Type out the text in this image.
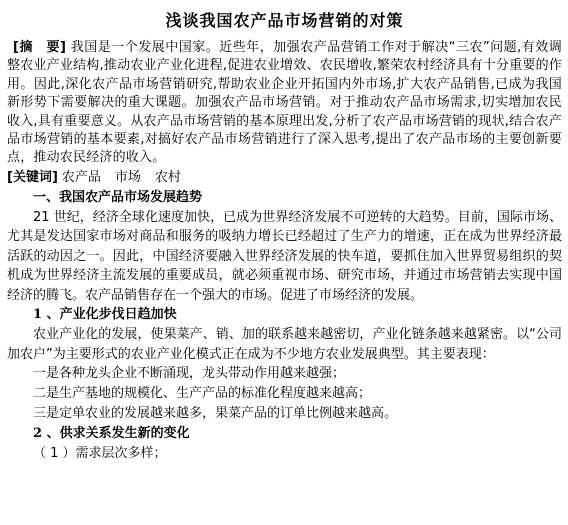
浅谈我国农产品市场营销的对策

[摘　要] 我国是一个发展中国家。近些年，加强农产品营销工作对于解决“三农”问题,有效调整农业产业结构,推动农业产业化进程,促进农业增效、农民增收,繁荣农村经济具有十分重要的作用。因此,深化农产品市场营销研究,帮助农业企业开拓国内外市场,扩大农产品销售,已成为我国新形势下需要解决的重大课题。加强农产品市场营销。对于推动农产品市场需求,切实增加农民收入,具有重要意义。从农产品市场营销的基本原理出发,分析了农产品市场营销的现状,结合农产品市场营销的基本要素,对搞好农产品市场营销进行了深入思考,提出了农产品市场的主要创新要点，推动农民经济的收入。

[关键词] 农产品 市场 农村

一、我国农产品市场发展趋势

21 世纪，经济全球化速度加快，已成为世界经济发展不可逆转的大趋势。目前，国际市场、尤其是发达国家市场对商品和服务的吸纳力增长已经超过了生产力的增速，正在成为世界经济最活跃的动因之一。因此，中国经济要融入世界经济发展的快车道，要抓住加入世界贸易组织的契机成为世界经济主流发展的重要成员，就必须重视市场、研究市场，并通过市场营销去实现中国经济的腾飞。农产品销售存在一个强大的市场。促进了市场经济的发展。

1 、产业化步伐日趋加快

农业产业化的发展，使果菜产、销、加的联系越来越密切，产业化链条越来越紧密。以“公司加农户”为主要形式的农业产业化模式正在成为不少地方农业发展典型。其主要表现：

一是各种龙头企业不断涌现，龙头带动作用越来越强；

二是生产基地的规模化、生产产品的标准化程度越来越高；

三是定单农业的发展越来越多，果菜产品的订单比例越来越高。

2 、供求关系发生新的变化

（ 1 ）需求层次多样；
